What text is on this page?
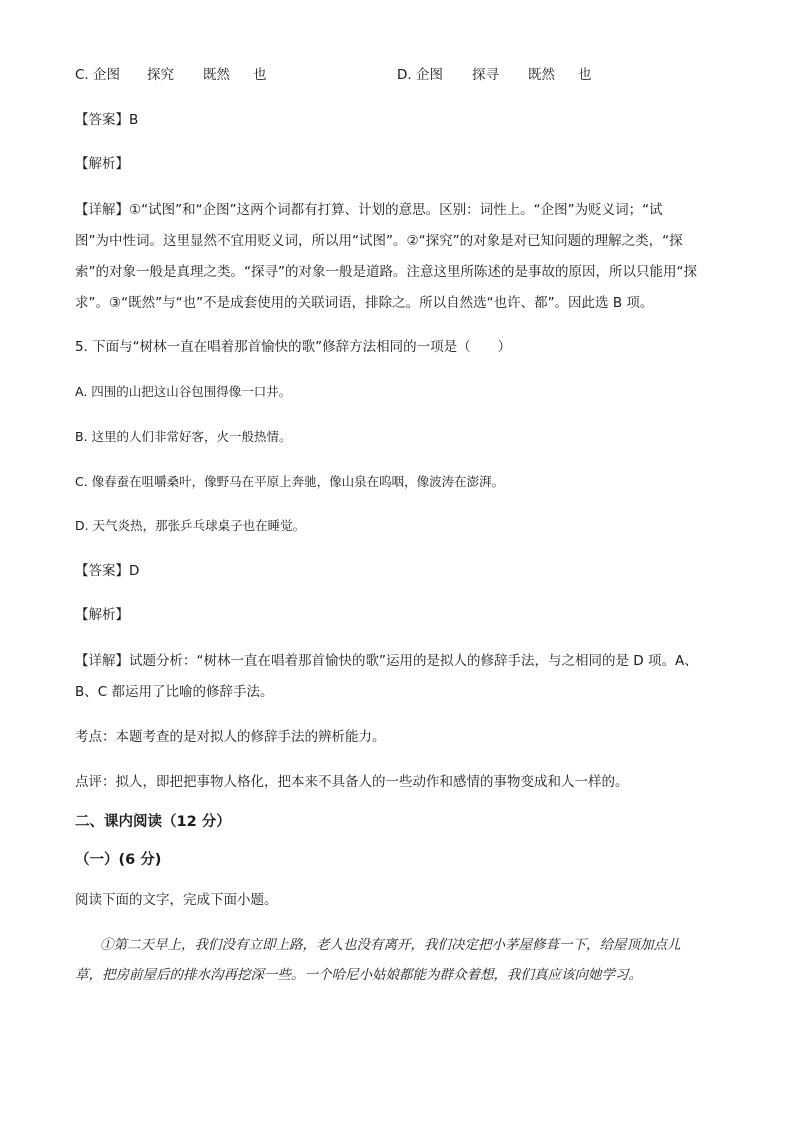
C. 企图 探究 既然 也	D. 企图 探寻 既然 也
【答案】B
【解析】
【详解】①“试图”和“企图”这两个词都有打算、计划的意思。区别：词性上。“企图”为贬义词；“试
图”为中性词。这里显然不宜用贬义词，所以用“试图”。②“探究”的对象是对已知问题的理解之类，“探
索”的对象一般是真理之类。“探寻”的对象一般是道路。注意这里所陈述的是事故的原因，所以只能用“探
求”。③“既然”与“也”不是成套使用的关联词语，排除之。所以自然选“也许、都”。因此选 B 项。
5. 下面与“树林一直在唱着那首愉快的歌”修辞方法相同的一项是（　　）
A. 四围的山把这山谷包围得像一口井。
B. 这里的人们非常好客，火一般热情。
C. 像春蚕在咀嚼桑叶，像野马在平原上奔驰，像山泉在呜咽，像波涛在澎湃。
D. 天气炎热，那张乒乓球桌子也在睡觉。
【答案】D
【解析】
【详解】试题分析：“树林一直在唱着那首愉快的歌”运用的是拟人的修辞手法，与之相同的是 D 项。A、
B、C 都运用了比喻的修辞手法。
考点：本题考查的是对拟人的修辞手法的辨析能力。
点评：拟人，即把把事物人格化，把本来不具备人的一些动作和感情的事物变成和人一样的。
二、课内阅读（12 分）
（一）(6 分)
阅读下面的文字，完成下面小题。
①第二天早上，我们没有立即上路，老人也没有离开，我们决定把小茅屋修葺一下，给屋顶加点儿
草，把房前屋后的排水沟再挖深一些。一个哈尼小姑娘都能为群众着想，我们真应该向她学习。
